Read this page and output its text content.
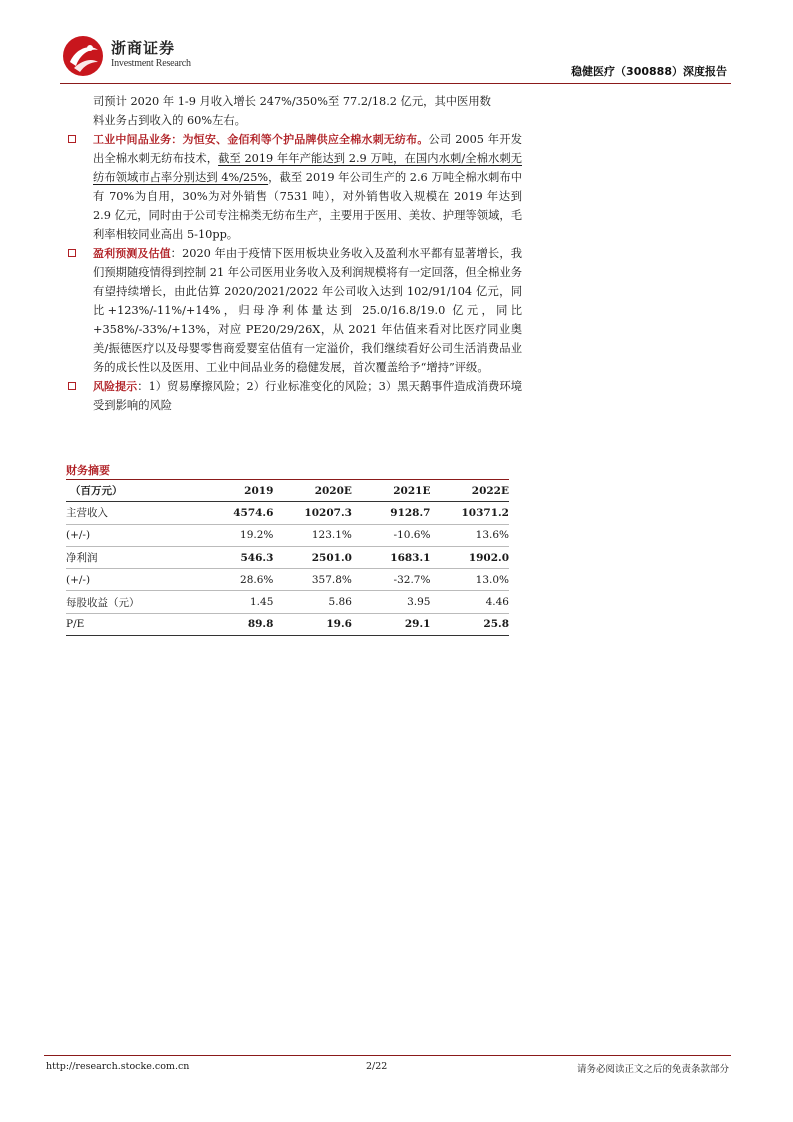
浙商证券
Investment Research
稳健医疗（300888）深度报告

司预计 2020 年 1-9 月收入增长 247%/350%至 77.2/18.2 亿元，其中医用数
料业务占到收入的 60%左右。

工业中间品业务：为恒安、金佰利等个护品牌供应全棉水刺无纺布。公司 2005 年开发出全棉水刺无纺布技术，截至 2019 年年产能达到 2.9 万吨，在国内水刺/全棉水刺无纺布领域市占率分别达到 4%/25%，截至 2019 年公司生产的 2.6 万吨全棉水刺布中有 70%为自用，30%为对外销售（7531 吨），对外销售收入规模在 2019 年达到 2.9 亿元，同时由于公司专注棉类无纺布生产，主要用于医用、美妆、护理等领域，毛利率相较同业高出 5-10pp。
盈利预测及估值：2020 年由于疫情下医用板块业务收入及盈利水平都有显著增长，我们预期随疫情得到控制 21 年公司医用业务收入及利润规模将有一定回落，但全棉业务有望持续增长，由此估算 2020/2021/2022 年公司收入达到 102/91/104 亿元，同比+123%/-11%/+14%，归母净利体量达到 25.0/16.8/19.0 亿元，同比+358%/-33%/+13%，对应 PE20/29/26X，从 2021 年估值来看对比医疗同业奥美/振德医疗以及母婴零售商爱婴室估值有一定溢价，我们继续看好公司生活消费品业务的成长性以及医用、工业中间品业务的稳健发展，首次覆盖给予“增持”评级。
风险提示：1）贸易摩擦风险；2）行业标准变化的风险；3）黑天鹅事件造成消费环境受到影响的风险
财务摘要
（百万元）	2019	2020E	2021E	2022E
主营收入	4574.6	10207.3	9128.7	10371.2
(+/-)	19.2%	123.1%	-10.6%	13.6%
净利润	546.3	2501.0	1683.1	1902.0
(+/-)	28.6%	357.8%	-32.7%	13.0%
每股收益（元）	1.45	5.86	3.95	4.46
P/E	89.8	19.6	29.1	25.8
http://research.stocke.com.cn	2/22	请务必阅读正文之后的免责条款部分
